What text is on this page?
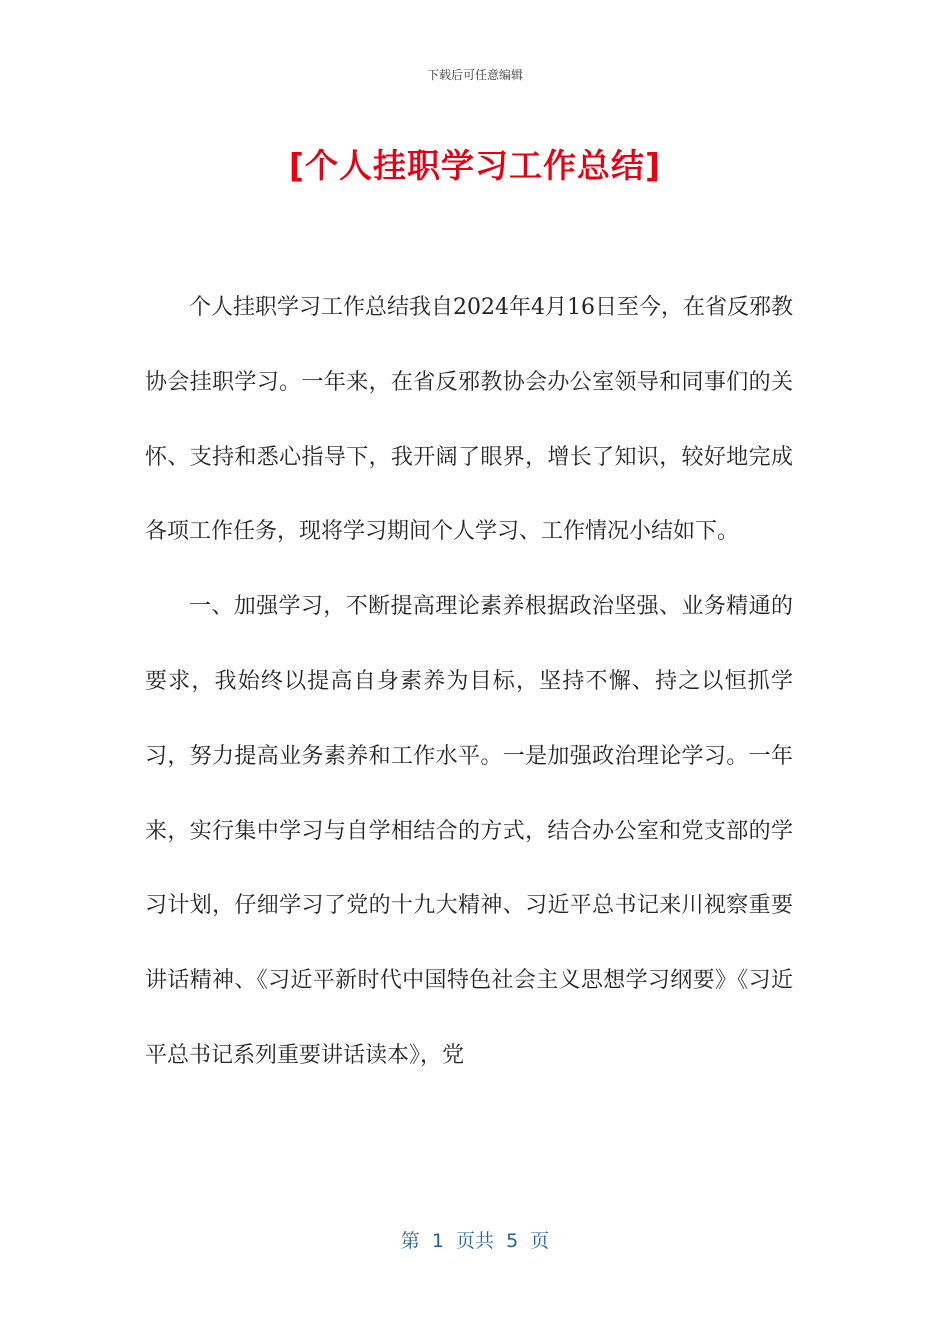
下载后可任意编辑
[个人挂职学习工作总结]

个人挂职学习工作总结我自2024年4月16日至今，在省反邪教协会挂职学习。一年来，在省反邪教协会办公室领导和同事们的关怀、支持和悉心指导下，我开阔了眼界，增长了知识，较好地完成各项工作任务，现将学习期间个人学习、工作情况小结如下。

一、加强学习，不断提高理论素养根据政治坚强、业务精通的要求，我始终以提高自身素养为目标，坚持不懈、持之以恒抓学习，努力提高业务素养和工作水平。一是加强政治理论学习。一年来，实行集中学习与自学相结合的方式，结合办公室和党支部的学习计划，仔细学习了党的十九大精神、习近平总书记来川视察重要讲话精神、《习近平新时代中国特色社会主义思想学习纲要》《习近平总书记系列重要讲话读本》，党

第  1  页共  5  页
